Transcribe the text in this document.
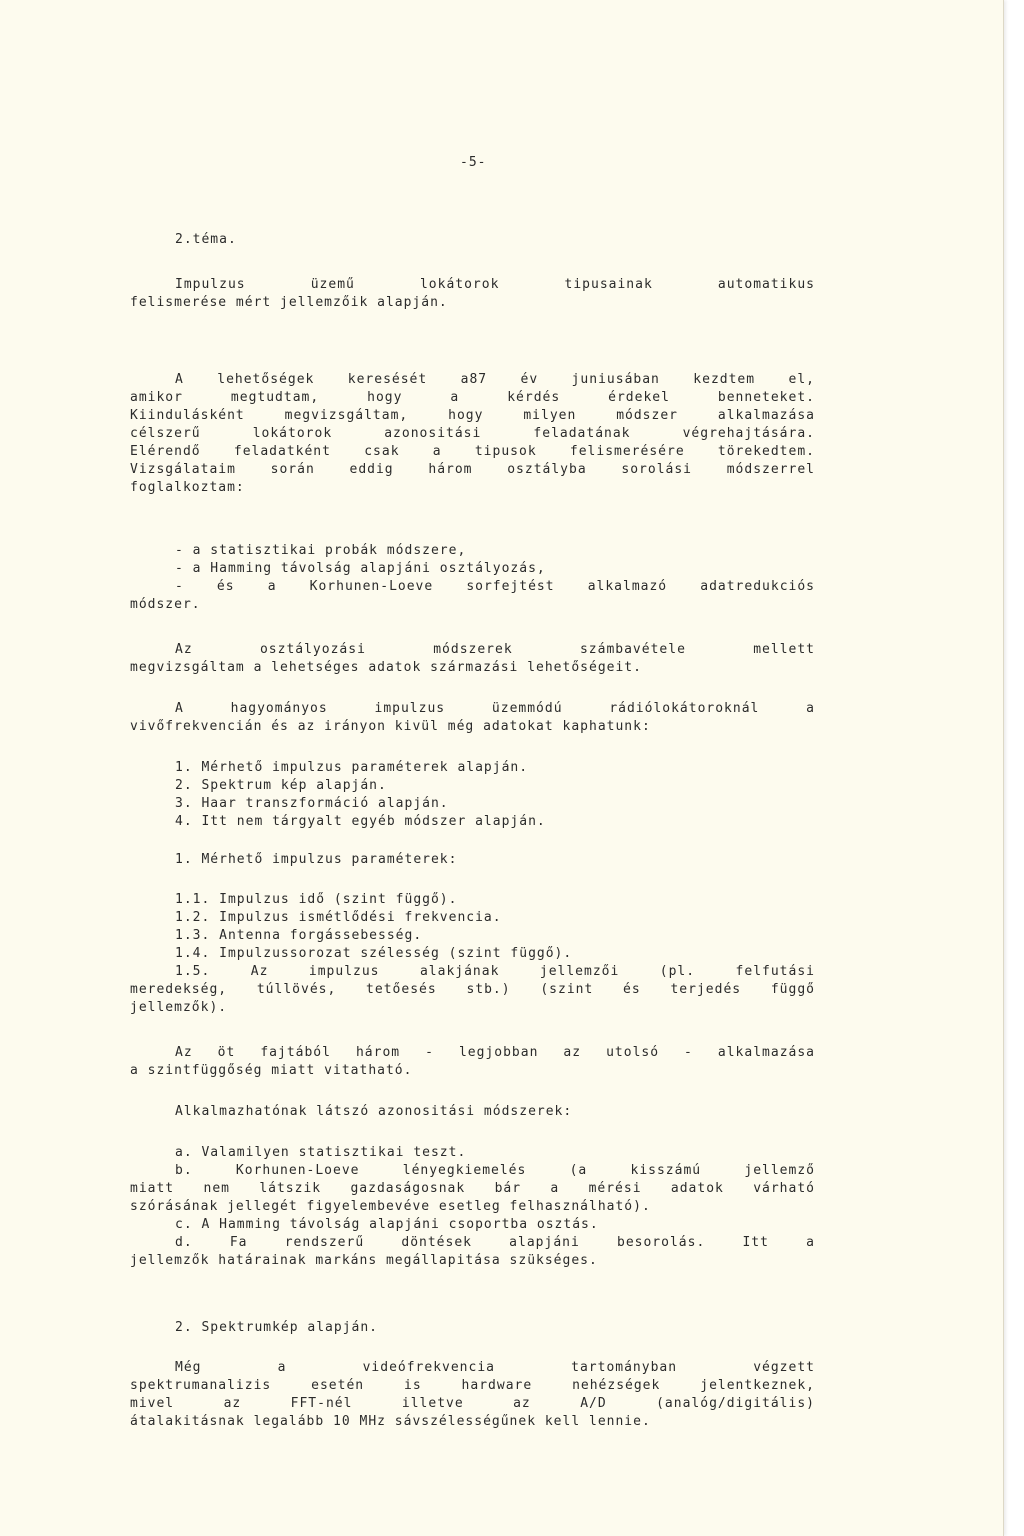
-5-
2.téma.
Impulzus üzemű lokátorok tipusainak automatikus
felismerése mért jellemzőik alapján.
A lehetőségek keresését a87 év juniusában kezdtem el,
amikor megtudtam, hogy a kérdés érdekel benneteket.
Kiindulásként megvizsgáltam, hogy milyen módszer alkalmazása
célszerű lokátorok azonositási feladatának végrehajtására.
Elérendő feladatként csak a tipusok felismerésére törekedtem.
Vizsgálataim során eddig három osztályba sorolási módszerrel
foglalkoztam:
- a statisztikai probák módszere,
- a Hamming távolság alapjáni osztályozás,
- és a Korhunen-Loeve sorfejtést alkalmazó adatredukciós
módszer.
Az osztályozási módszerek számbavétele mellett
megvizsgáltam a lehetséges adatok származási lehetőségeit.
A hagyományos impulzus üzemmódú rádiólokátoroknál a
vivőfrekvencián és az irányon kivül még adatokat kaphatunk:
1. Mérhető impulzus paraméterek alapján.
2. Spektrum kép alapján.
3. Haar transzformáció alapján.
4. Itt nem tárgyalt egyéb módszer alapján.
1. Mérhető impulzus paraméterek:
1.1. Impulzus idő (szint függő).
1.2. Impulzus ismétlődési frekvencia.
1.3. Antenna forgássebesség.
1.4. Impulzussorozat szélesség (szint függő).
1.5. Az impulzus alakjának jellemzői (pl. felfutási
meredekség, túllövés, tetőesés stb.) (szint és terjedés függő
jellemzők).
Az öt fajtából három - legjobban az utolsó - alkalmazása
a szintfüggőség miatt vitatható.
Alkalmazhatónak látszó azonositási módszerek:
a. Valamilyen statisztikai teszt.
b. Korhunen-Loeve lényegkiemelés (a kisszámú jellemző
miatt nem látszik gazdaságosnak bár a mérési adatok várható
szórásának jellegét figyelembevéve esetleg felhasználható).
c. A Hamming távolság alapjáni csoportba osztás.
d. Fa rendszerű döntések alapjáni besorolás. Itt a
jellemzők határainak markáns megállapitása szükséges.
2. Spektrumkép alapján.
Még a videófrekvencia tartományban végzett
spektrumanalizis esetén is hardware nehézségek jelentkeznek,
mivel az FFT-nél illetve az A/D (analóg/digitális)
átalakitásnak legalább 10 MHz sávszélességűnek kell lennie.
